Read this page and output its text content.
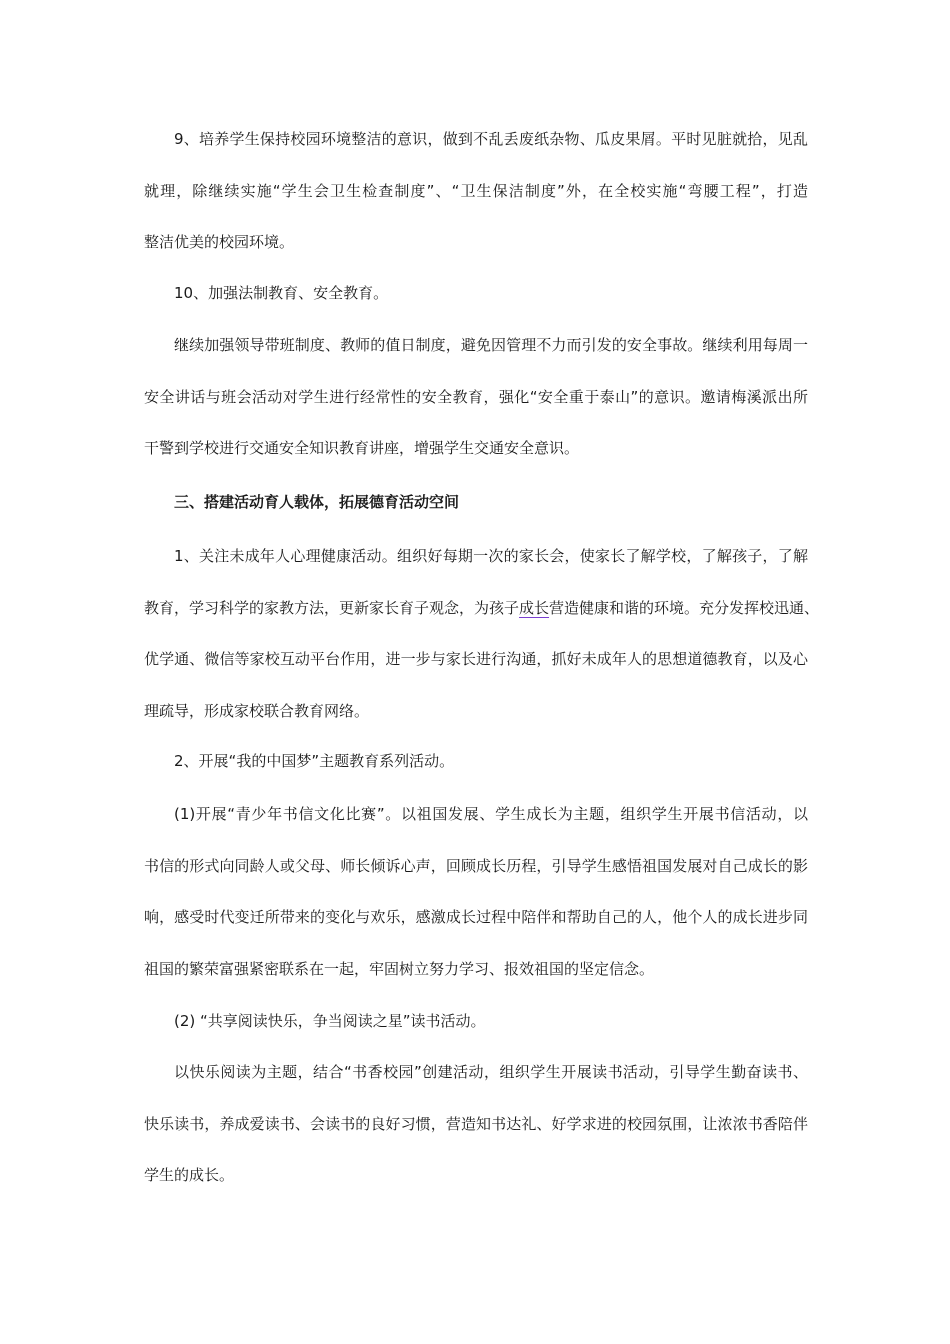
9、培养学生保持校园环境整洁的意识，做到不乱丢废纸杂物、瓜皮果屑。平时见脏就拾，见乱
就理，除继续实施“学生会卫生检查制度”、“卫生保洁制度”外，在全校实施“弯腰工程”，打造
整洁优美的校园环境。

10、加强法制教育、安全教育。

继续加强领导带班制度、教师的值日制度，避免因管理不力而引发的安全事故。继续利用每周一
安全讲话与班会活动对学生进行经常性的安全教育，强化“安全重于泰山”的意识。邀请梅溪派出所
干警到学校进行交通安全知识教育讲座，增强学生交通安全意识。

三、搭建活动育人载体，拓展德育活动空间

1、关注未成年人心理健康活动。组织好每期一次的家长会，使家长了解学校，了解孩子，了解
教育，学习科学的家教方法，更新家长育子观念，为孩子成长营造健康和谐的环境。充分发挥校迅通、
优学通、微信等家校互动平台作用，进一步与家长进行沟通，抓好未成年人的思想道德教育，以及心
理疏导，形成家校联合教育网络。

2、开展“我的中国梦”主题教育系列活动。

(1)开展“青少年书信文化比赛”。以祖国发展、学生成长为主题，组织学生开展书信活动，以
书信的形式向同龄人或父母、师长倾诉心声，回顾成长历程，引导学生感悟祖国发展对自己成长的影
响，感受时代变迁所带来的变化与欢乐，感激成长过程中陪伴和帮助自己的人，他个人的成长进步同
祖国的繁荣富强紧密联系在一起，牢固树立努力学习、报效祖国的坚定信念。

(2) “共享阅读快乐，争当阅读之星”读书活动。

以快乐阅读为主题，结合“书香校园”创建活动，组织学生开展读书活动，引导学生勤奋读书、
快乐读书，养成爱读书、会读书的良好习惯，营造知书达礼、好学求进的校园氛围，让浓浓书香陪伴
学生的成长。
